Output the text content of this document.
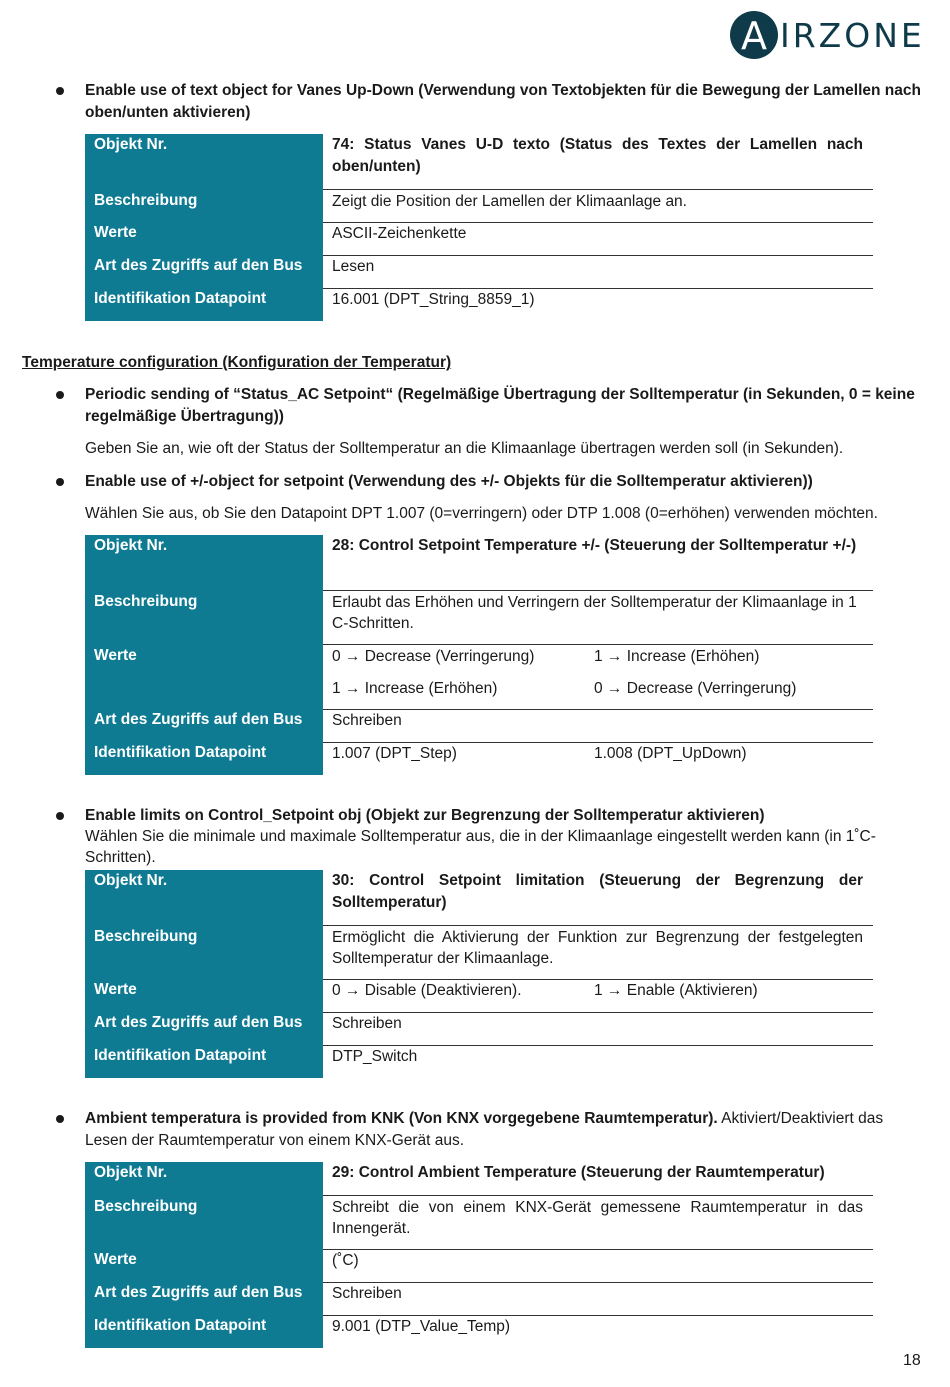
A IRZONE
Enable use of text object for Vanes Up-Down (Verwendung von Textobjekten für die Bewegung der Lamellen nach oben/unten aktivieren)
Objekt Nr.	74: Status Vanes U-D texto (Status des Textes der Lamellen nach oben/unten)
Beschreibung	Zeigt die Position der Lamellen der Klimaanlage an.
Werte	ASCII-Zeichenkette
Art des Zugriffs auf den Bus	Lesen
Identifikation Datapoint	16.001 (DPT_String_8859_1)
Temperature configuration (Konfiguration der Temperatur)
Periodic sending of “Status_AC Setpoint“ (Regelmäßige Übertragung der Solltemperatur (in Sekunden, 0 = keine regelmäßige Übertragung))
Geben Sie an, wie oft der Status der Solltemperatur an die Klimaanlage übertragen werden soll (in Sekunden).
Enable use of +/-object for setpoint (Verwendung des +/- Objekts für die Solltemperatur aktivieren))
Wählen Sie aus, ob Sie den Datapoint DPT 1.007 (0=verringern) oder DTP 1.008 (0=erhöhen) verwenden möchten.
Objekt Nr.	28: Control Setpoint Temperature +/- (Steuerung der Solltemperatur +/-)
Beschreibung	Erlaubt das Erhöhen und Verringern der Solltemperatur der Klimaanlage in 1 C-Schritten.
Werte	0 → Decrease (Verringerung) 1 → Increase (Erhöhen)
1 → Increase (Erhöhen) 0 → Decrease (Verringerung)

Art des Zugriffs auf den Bus	Schreiben
Identifikation Datapoint	1.007 (DPT_Step) 1.008 (DPT_UpDown)
Enable limits on Control_Setpoint obj (Objekt zur Begrenzung der Solltemperatur aktivieren)
Wählen Sie die minimale und maximale Solltemperatur aus, die in der Klimaanlage eingestellt werden kann (in 1˚C-Schritten).
Objekt Nr.	30: Control Setpoint limitation (Steuerung der Begrenzung der Solltemperatur)
Beschreibung	Ermöglicht die Aktivierung der Funktion zur Begrenzung der festgelegten Solltemperatur der Klimaanlage.
Werte	0 → Disable (Deaktivieren). 1 → Enable (Aktivieren)

Art des Zugriffs auf den Bus	Schreiben
Identifikation Datapoint	DTP_Switch
Ambient temperatura is provided from KNK (Von KNX vorgegebene Raumtemperatur). Aktiviert/Deaktiviert das Lesen der Raumtemperatur von einem KNX-Gerät aus.
Objekt Nr.	29: Control Ambient Temperature (Steuerung der Raumtemperatur)
Beschreibung	Schreibt die von einem KNX-Gerät gemessene Raumtemperatur in das Innengerät.
Werte	(˚C)
Art des Zugriffs auf den Bus	Schreiben
Identifikation Datapoint	9.001 (DTP_Value_Temp)
18
